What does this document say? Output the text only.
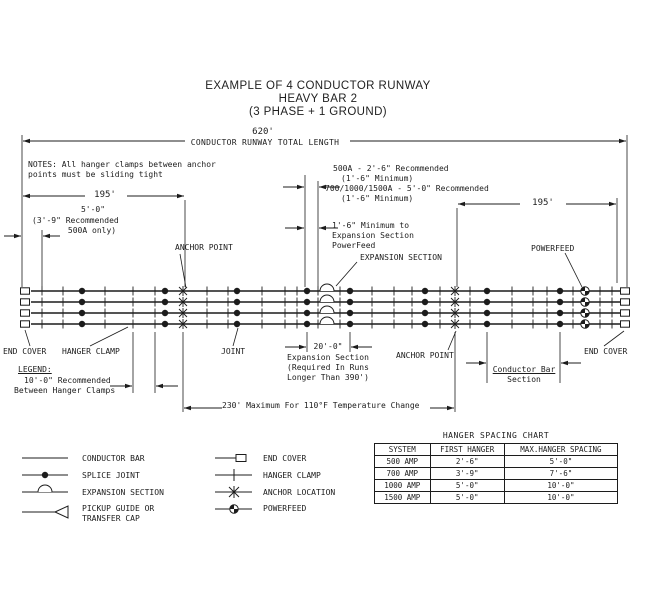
EXAMPLE OF 4 CONDUCTOR RUNWAY
HEAVY BAR 2
(3 PHASE + 1 GROUND)
620'
CONDUCTOR RUNWAY TOTAL LENGTH
NOTES: All hanger clamps between anchor
points must be sliding tight
195'
195'
5'-0"
(3'-9" Recommended
500A only)
500A - 2'-6" Recommended
(1'-6" Minimum)
700/1000/1500A - 5'-0" Recommended
(1'-6" Minimum)
1'-6" Minimum to
Expansion Section
PowerFeed
ANCHOR POINT
EXPANSION SECTION
POWERFEED
END COVER HANGER CLAMP	JOINT	ANCHOR POINT	END COVER
20'-0"
Expansion Section
(Required In Runs
Longer Than 390')
Conductor Bar
Section
LEGEND:
10'-0" Recommended
Between Hanger Clamps
230' Maximum For 110°F Temperature Change
CONDUCTOR BAR
SPLICE JOINT
EXPANSION SECTION
PICKUP GUIDE OR
TRANSFER CAP
END COVER
HANGER CLAMP
ANCHOR LOCATION
POWERFEED
HANGER SPACING CHART
SYSTEM	FIRST HANGER	MAX.HANGER SPACING
500 AMP	2'-6"	5'-0"
700 AMP	3'-9"	7'-6"
1000 AMP	5'-0"	10'-0"
1500 AMP	5'-0"	10'-0"
